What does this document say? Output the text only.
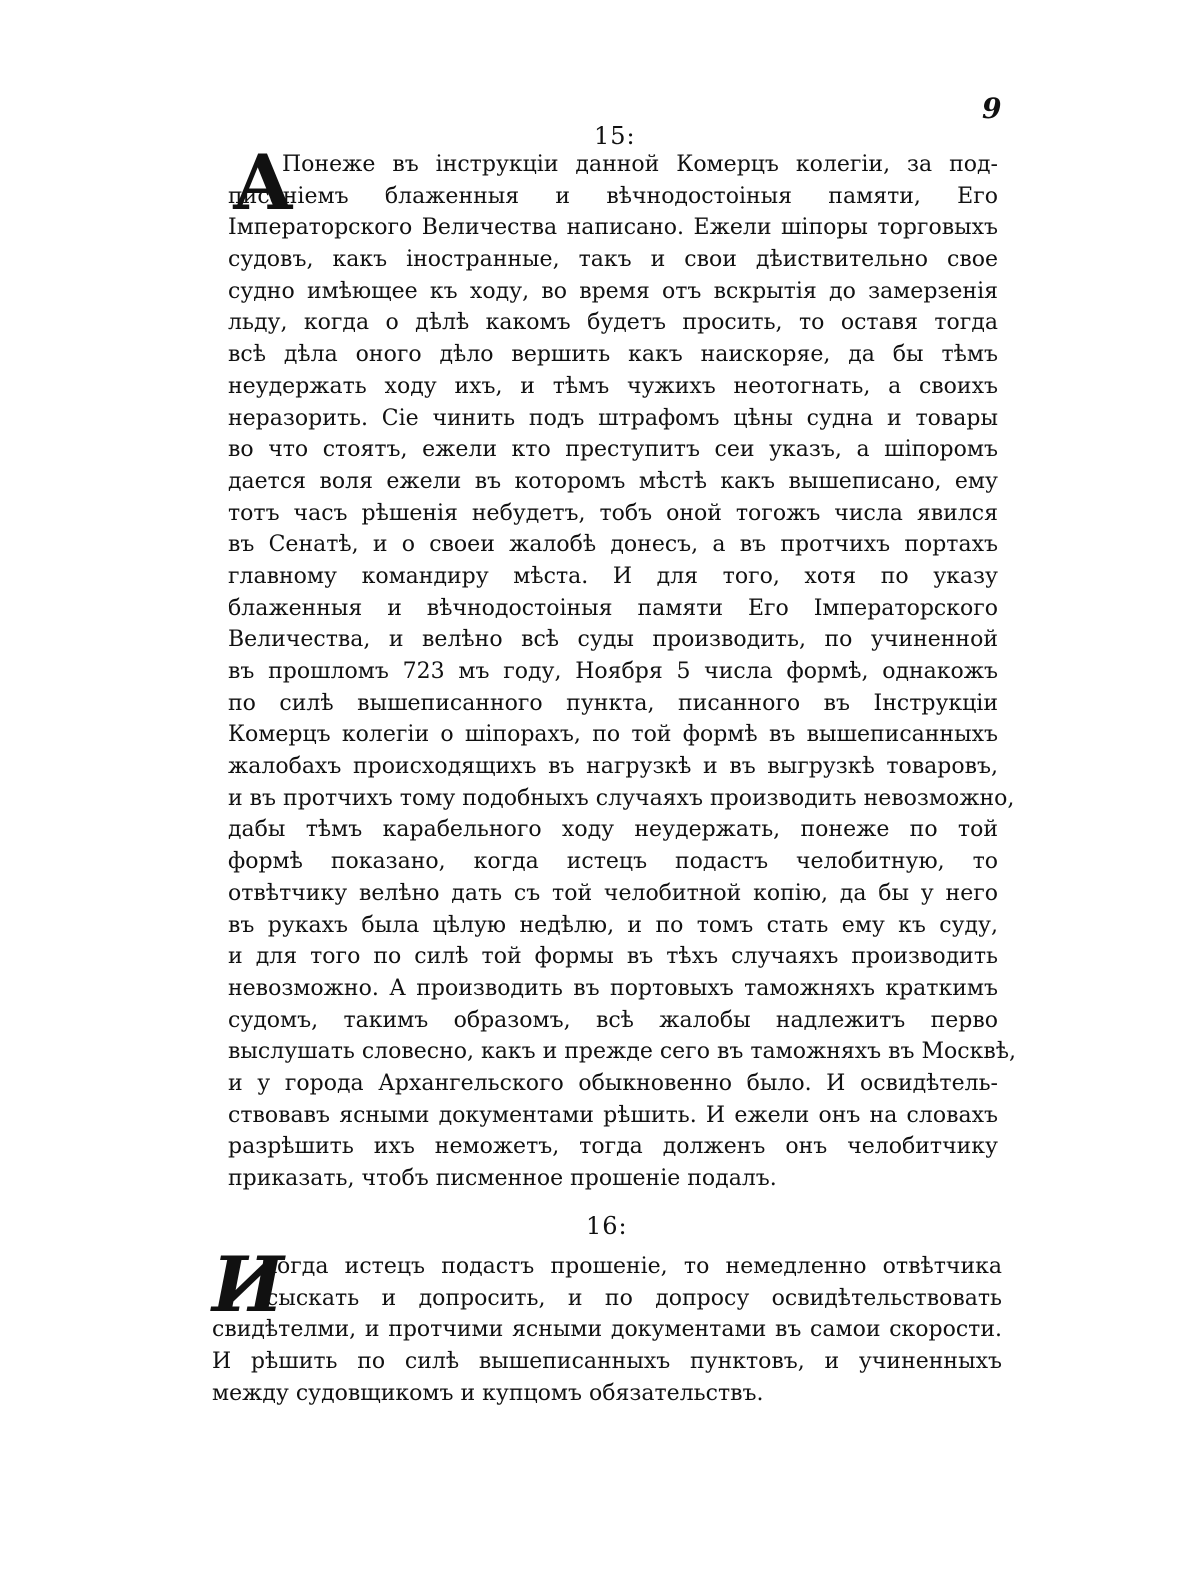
9
15:
А
Понеже въ інструкціи данной Комерцъ колегіи, за под-
писаніемъ блаженныя и вѣчнодостоіныя памяти, Его
Імператорского Величества написано. Ежели шіпоры торговыхъ
судовъ, какъ іностранные, такъ и свои дѣиствительно свое
судно имѣющее къ ходу, во время отъ вскрытія до замерзенія
льду, когда о дѣлѣ какомъ будетъ просить, то оставя тогда
всѣ дѣла оного дѣло вершить какъ наискоряе, да бы тѣмъ
неудержать ходу ихъ, и тѣмъ чужихъ неотогнать, а своихъ
неразорить. Сіе чинить подъ штрафомъ цѣны судна и товары
во что стоятъ, ежели кто преступитъ сеи указъ, а шіпоромъ
дается воля ежели въ которомъ мѣстѣ какъ вышеписано, ему
тотъ часъ рѣшенія небудетъ, тобъ оной тогожъ числа явился
въ Сенатѣ, и о своеи жалобѣ донесъ, а въ протчихъ портахъ
главному командиру мѣста. И для того, хотя по указу
блаженныя и вѣчнодостоіныя памяти Его Імператорского
Величества, и велѣно всѣ суды производить, по учиненной
въ прошломъ 723 мъ году, Ноября 5 числа формѣ, однакожъ
по силѣ вышеписанного пункта, писанного въ Інструкціи
Комерцъ колегіи о шіпорахъ, по той формѣ въ вышеписанныхъ
жалобахъ происходящихъ въ нагрузкѣ и въ выгрузкѣ товаровъ,
и въ протчихъ тому подобныхъ случаяхъ производить невозможно,
дабы тѣмъ карабельного ходу неудержать, понеже по той
формѣ показано, когда истецъ подастъ челобитную, то
отвѣтчику велѣно дать съ той челобитной копію, да бы у него
въ рукахъ была цѣлую недѣлю, и по томъ стать ему къ суду,
и для того по силѣ той формы въ тѣхъ случаяхъ производить
невозможно. А производить въ портовыхъ таможняхъ краткимъ
судомъ, такимъ образомъ, всѣ жалобы надлежитъ перво
выслушать словесно, какъ и прежде сего въ таможняхъ въ Москвѣ,
и у города Архангельского обыкновенно было. И освидѣтель-
ствовавъ ясными документами рѣшить. И ежели онъ на словахъ
разрѣшить ихъ неможетъ, тогда долженъ онъ челобитчику
приказать, чтобъ писменное прошеніе подалъ.
16:
И
Когда истецъ подастъ прошеніе, то немедленно отвѣтчика
сыскать и допросить, и по допросу освидѣтельствовать
свидѣтелми, и протчими ясными документами въ самои скорости.
И рѣшить по силѣ вышеписанныхъ пунктовъ, и учиненныхъ
между судовщикомъ и купцомъ обязательствъ.
